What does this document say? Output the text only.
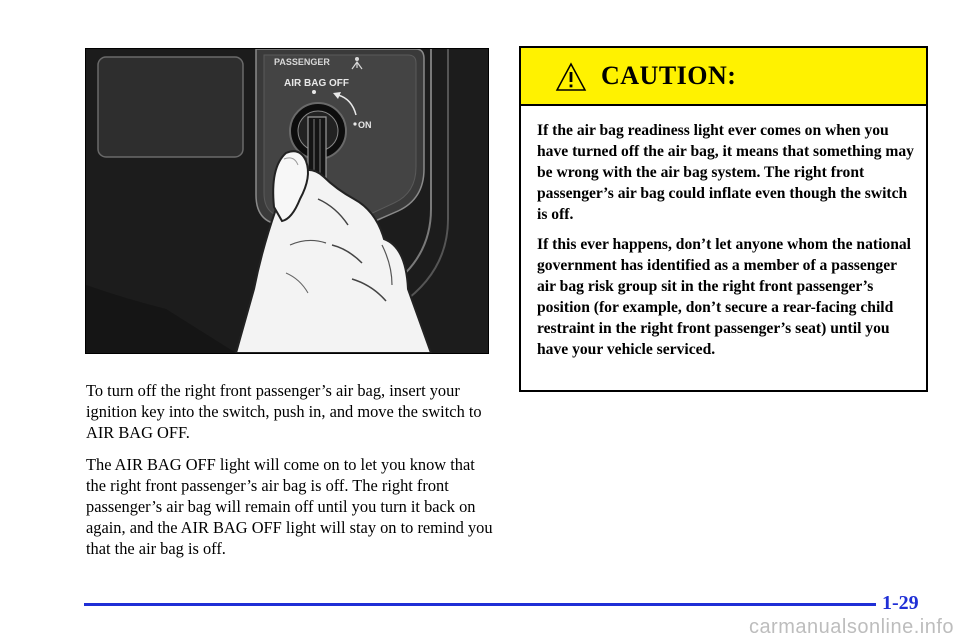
PASSENGER
AIR BAG OFF
ON

To turn off the right front passenger’s air bag, insert your ignition key into the switch, push in, and move the switch to AIR BAG OFF.

The AIR BAG OFF light will come on to let you know that the right front passenger’s air bag is off. The right front passenger’s air bag will remain off until you turn it back on again, and the AIR BAG OFF light will stay on to remind you that the air bag is off.

CAUTION:

If the air bag readiness light ever comes on when you have turned off the air bag, it means that something may be wrong with the air bag system. The right front passenger’s air bag could inflate even though the switch is off.

If this ever happens, don’t let anyone whom the national government has identified as a member of a passenger air bag risk group sit in the right front passenger’s position (for example, don’t secure a rear-facing child restraint in the right front passenger’s seat) until you have your vehicle serviced.

1-29
carmanualsonline.info
